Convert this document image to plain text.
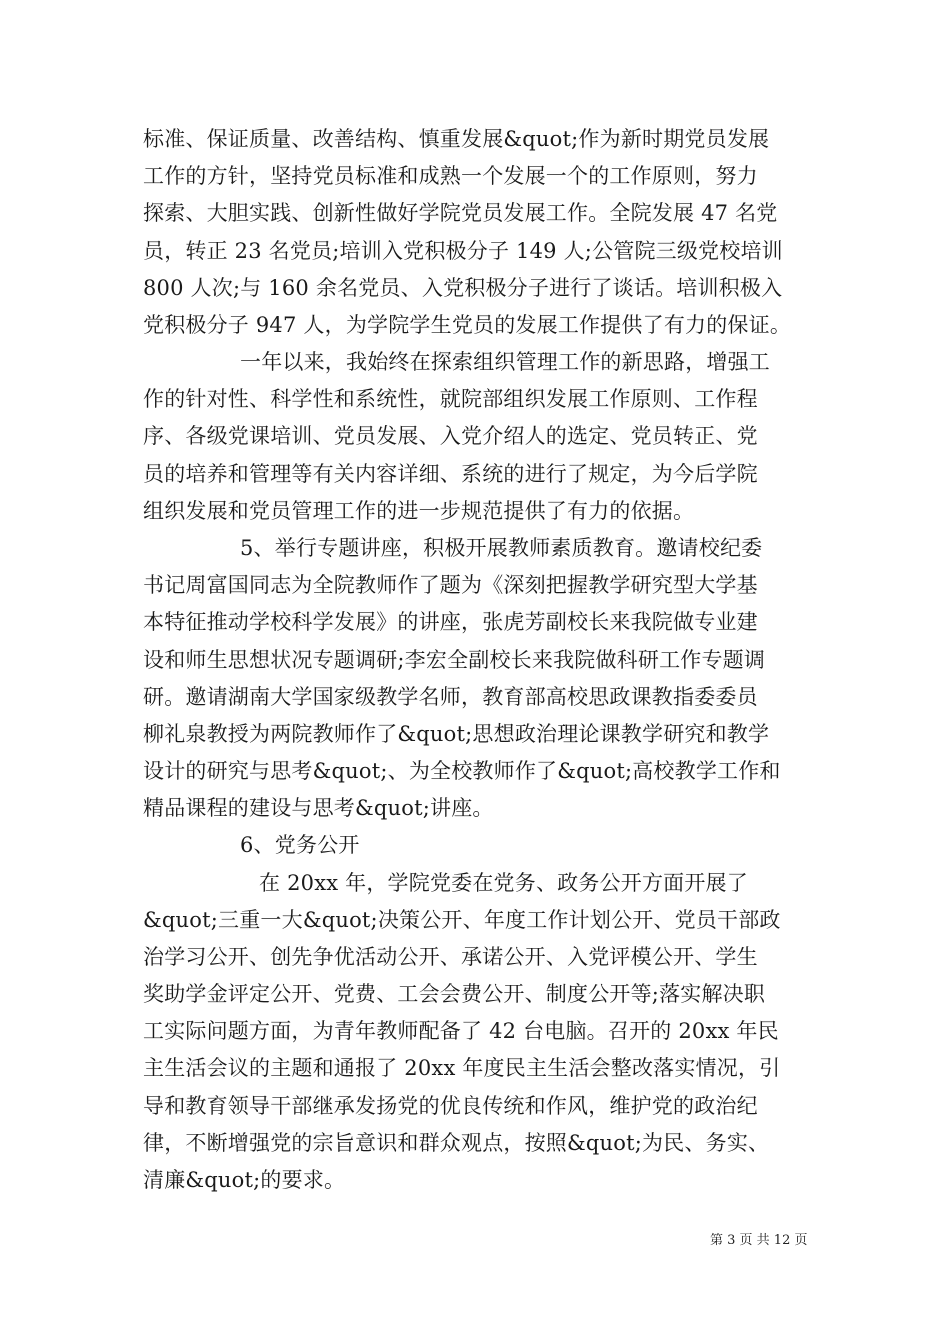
标准、保证质量、改善结构、慎重发展&quot;作为新时期党员发展
工作的方针，坚持党员标准和成熟一个发展一个的工作原则，努力
探索、大胆实践、创新性做好学院党员发展工作。全院发展 47 名党
员，转正 23 名党员;培训入党积极分子 149 人;公管院三级党校培训
800 人次;与 160 余名党员、入党积极分子进行了谈话。培训积极入
党积极分子 947 人，为学院学生党员的发展工作提供了有力的保证。
一年以来，我始终在探索组织管理工作的新思路，增强工
作的针对性、科学性和系统性，就院部组织发展工作原则、工作程
序、各级党课培训、党员发展、入党介绍人的选定、党员转正、党
员的培养和管理等有关内容详细、系统的进行了规定，为今后学院
组织发展和党员管理工作的进一步规范提供了有力的依据。
5、举行专题讲座，积极开展教师素质教育。邀请校纪委
书记周富国同志为全院教师作了题为《深刻把握教学研究型大学基
本特征推动学校科学发展》的讲座，张虎芳副校长来我院做专业建
设和师生思想状况专题调研;李宏全副校长来我院做科研工作专题调
研。邀请湖南大学国家级教学名师，教育部高校思政课教指委委员
柳礼泉教授为两院教师作了&quot;思想政治理论课教学研究和教学
设计的研究与思考&quot;、为全校教师作了&quot;高校教学工作和
精品课程的建设与思考&quot;讲座。
6、党务公开
在 20xx 年，学院党委在党务、政务公开方面开展了
&quot;三重一大&quot;决策公开、年度工作计划公开、党员干部政
治学习公开、创先争优活动公开、承诺公开、入党评模公开、学生
奖助学金评定公开、党费、工会会费公开、制度公开等;落实解决职
工实际问题方面，为青年教师配备了 42 台电脑。召开的 20xx 年民
主生活会议的主题和通报了 20xx 年度民主生活会整改落实情况，引
导和教育领导干部继承发扬党的优良传统和作风，维护党的政治纪
律，不断增强党的宗旨意识和群众观点，按照&quot;为民、务实、
清廉&quot;的要求。
第 3 页 共 12 页
